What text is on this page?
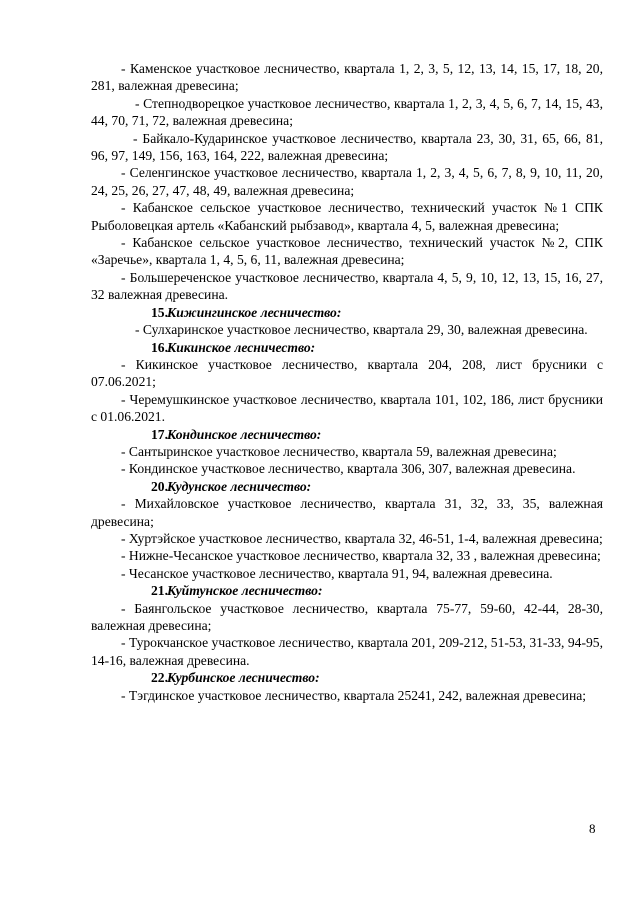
- Каменское участковое лесничество, квартала 1, 2, 3, 5, 12, 13, 14, 15, 17, 18, 20, 281, валежная древесина;
- Степнодворецкое участковое лесничество, квартала 1, 2, 3, 4, 5, 6, 7, 14, 15, 43, 44, 70, 71, 72, валежная древесина;
- Байкало-Кударинское участковое лесничество, квартала 23, 30, 31, 65, 66, 81, 96, 97, 149, 156, 163, 164, 222, валежная древесина;
- Селенгинское участковое лесничество, квартала 1, 2, 3, 4, 5, 6, 7, 8, 9, 10, 11, 20, 24, 25, 26, 27, 47, 48, 49, валежная древесина;
- Кабанское сельское участковое лесничество, технический участок №1 СПК Рыболовецкая артель «Кабанский рыбзавод», квартала 4, 5, валежная древесина;
- Кабанское сельское участковое лесничество, технический участок №2, СПК «Заречье», квартала 1, 4, 5, 6, 11, валежная древесина;
- Большереченское участковое лесничество, квартала 4, 5, 9, 10, 12, 13, 15, 16, 27, 32 валежная древесина.
15.Кижингинское лесничество:
- Сулхаринское участковое лесничество, квартала 29, 30, валежная древесина.
16.Кикинское лесничество:
- Кикинское участковое лесничество, квартала 204, 208, лист брусники с 07.06.2021;
- Черемушкинское участковое лесничество, квартала 101, 102, 186, лист брусники с 01.06.2021.
17.Кондинское лесничество:
- Сантыринское участковое лесничество, квартала 59, валежная древесина;
- Кондинское участковое лесничество, квартала 306, 307, валежная древесина.
20.Кудунское лесничество:
- Михайловское участковое лесничество, квартала 31, 32, 33, 35, валежная древесина;
- Хуртэйское участковое лесничество, квартала 32, 46-51, 1-4, валежная древесина;
- Нижне-Чесанское участковое лесничество, квартала 32, 33 , валежная древесина;
- Чесанское участковое лесничество, квартала 91, 94, валежная древесина.
21.Куйтунское лесничество:
- Баянгольское участковое лесничество, квартала 75-77, 59-60, 42-44, 28-30, валежная древесина;
- Турокчанское участковое лесничество, квартала 201, 209-212, 51-53, 31-33, 94-95, 14-16, валежная древесина.
22.Курбинское лесничество:
- Тэгдинское участковое лесничество, квартала 25241, 242, валежная древесина;
8
